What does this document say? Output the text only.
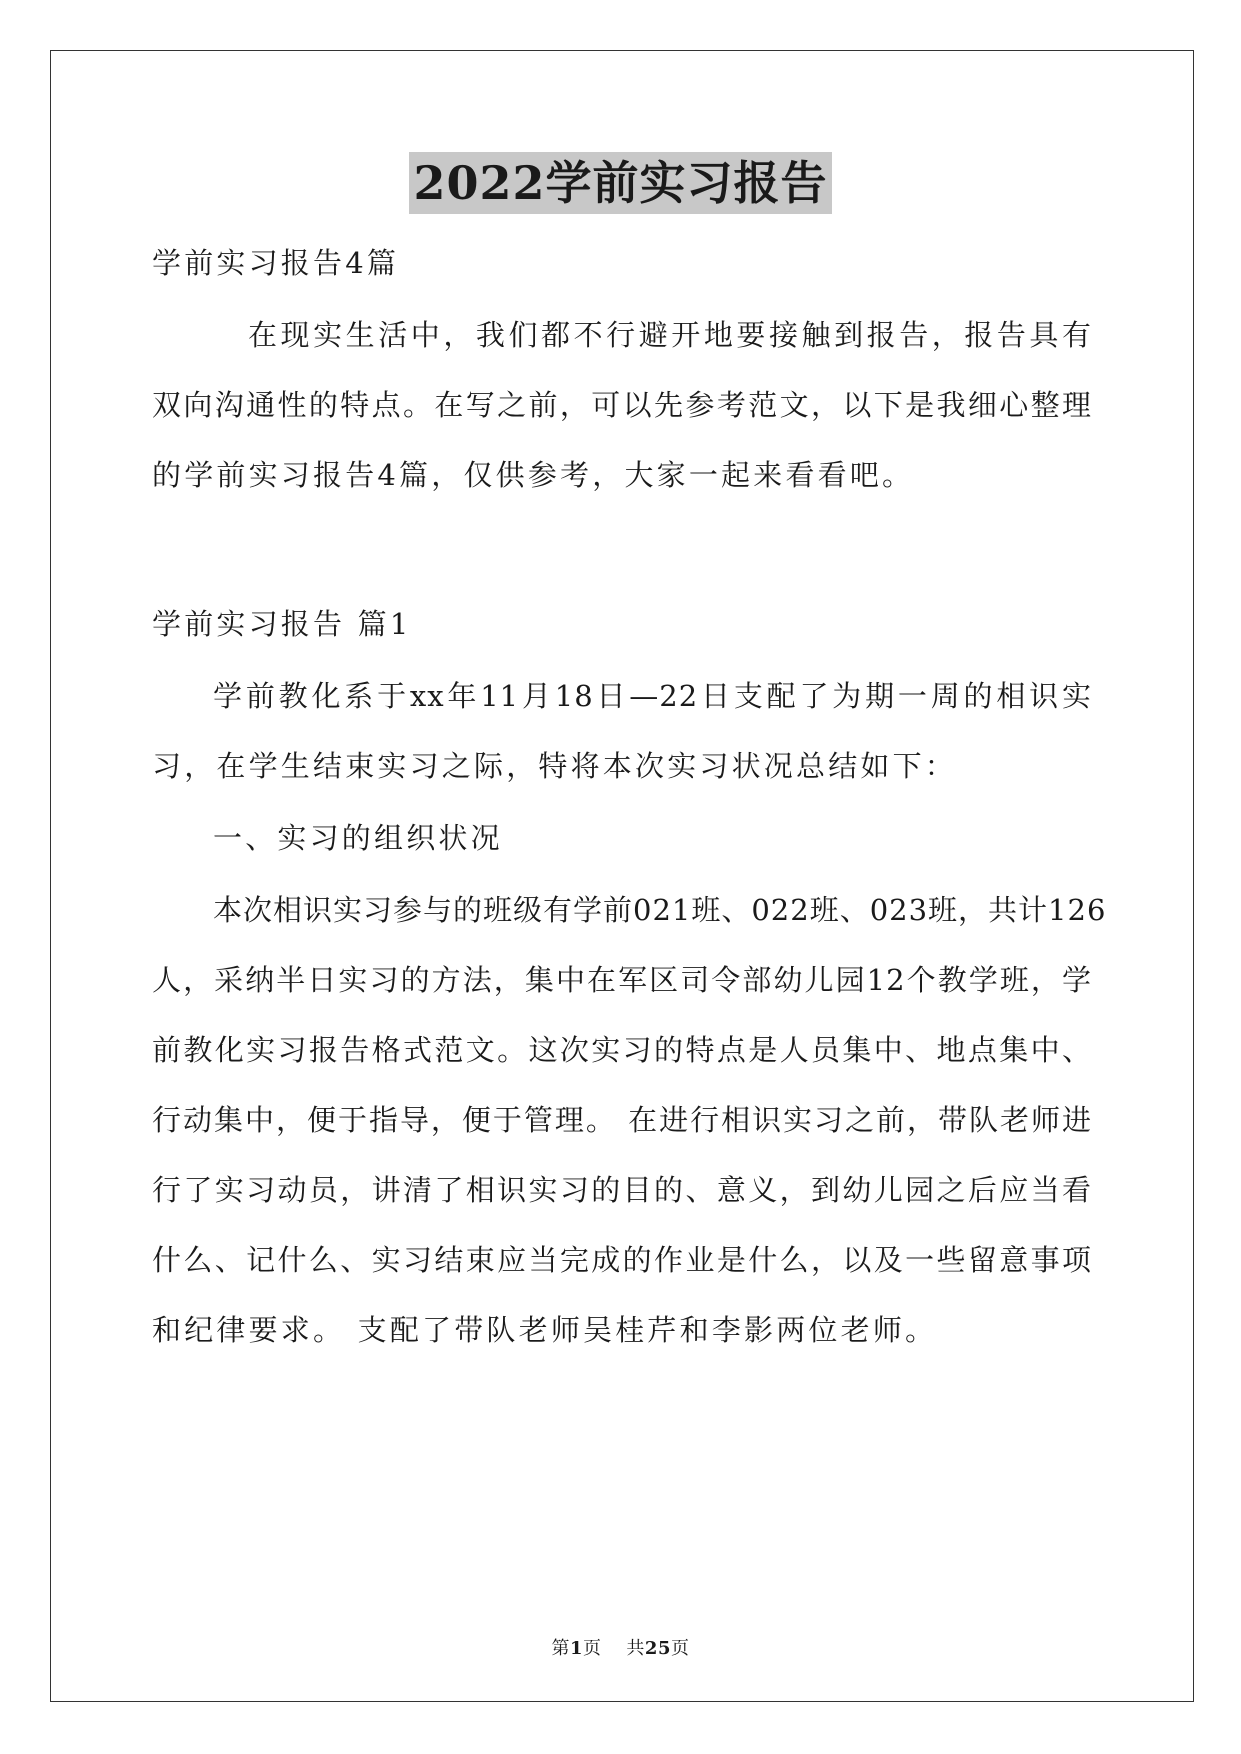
2022学前实习报告
学前实习报告4篇
在现实生活中，我们都不行避开地要接触到报告，报告具有
双向沟通性的特点。在写之前，可以先参考范文，以下是我细心整理
的学前实习报告4篇，仅供参考，大家一起来看看吧。
学前实习报告 篇1
学前教化系于xx年11月18日—22日支配了为期一周的相识实
习，在学生结束实习之际，特将本次实习状况总结如下：
一、实习的组织状况
本次相识实习参与的班级有学前021班、022班、023班，共计126
人，采纳半日实习的方法，集中在军区司令部幼儿园12个教学班，学
前教化实习报告格式范文。这次实习的特点是人员集中、地点集中、
行动集中，便于指导，便于管理。 在进行相识实习之前，带队老师进
行了实习动员，讲清了相识实习的目的、意义，到幼儿园之后应当看
什么、记什么、实习结束应当完成的作业是什么，以及一些留意事项
和纪律要求。 支配了带队老师吴桂芹和李影两位老师。
第1页 共25页
